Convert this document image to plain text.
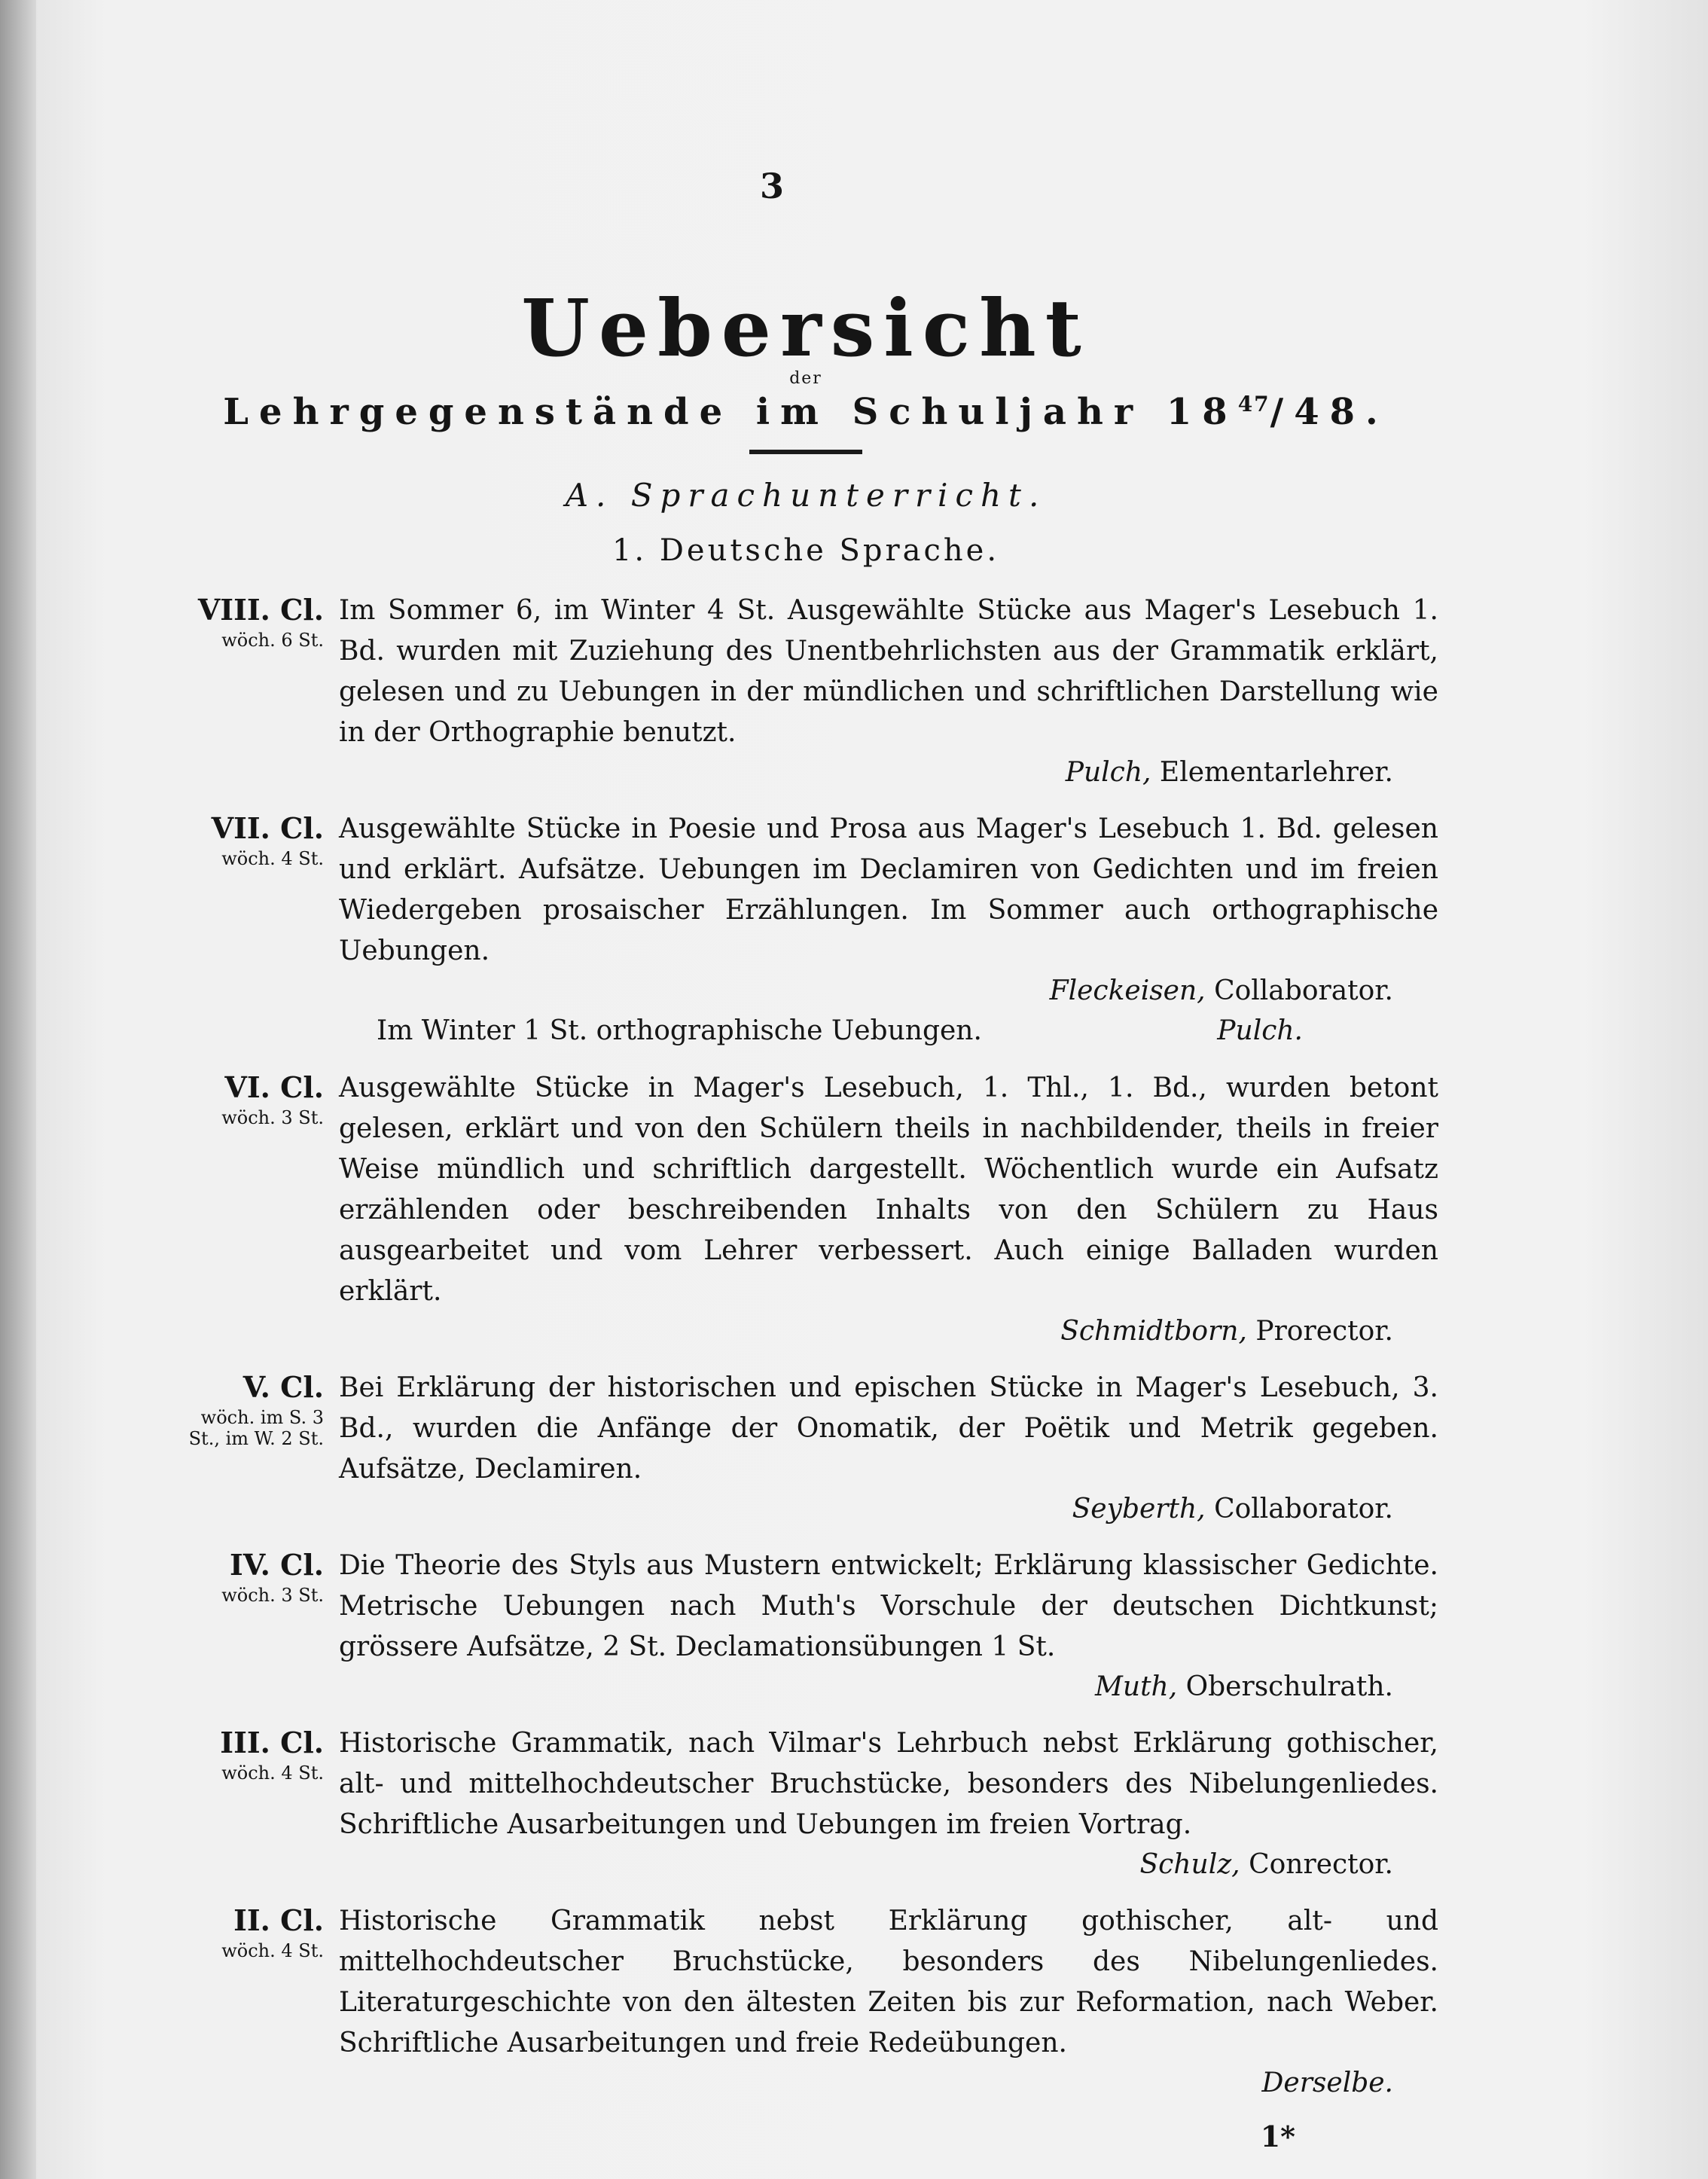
3
Uebersicht
der
Lehrgegenstände im Schuljahr $18^{47}/48$.
A. Sprachunterricht.
1. Deutsche Sprache.
VIII. Cl.
wöch. 6 St.
Im Sommer 6, im Winter 4 St. Ausgewählte Stücke aus Mager's Lesebuch 1. Bd. wurden mit Zuziehung des Unentbehrlichsten aus der Grammatik erklärt, gelesen und zu Uebungen in der mündlichen und schriftlichen Darstellung wie in der Orthographie benutzt.
Pulch, Elementarlehrer.
VII. Cl.
wöch. 4 St.
Ausgewählte Stücke in Poesie und Prosa aus Mager's Lesebuch 1. Bd. gelesen und erklärt. Aufsätze. Uebungen im Declamiren von Gedichten und im freien Wiedergeben prosaischer Erzählungen. Im Sommer auch orthographische Uebungen.
Fleckeisen, Collaborator.
Im Winter 1 St. orthographische Uebungen.	Pulch.
VI. Cl.
wöch. 3 St.
Ausgewählte Stücke in Mager's Lesebuch, 1. Thl., 1. Bd., wurden betont gelesen, erklärt und von den Schülern theils in nachbildender, theils in freier Weise mündlich und schriftlich dargestellt. Wöchentlich wurde ein Aufsatz erzählenden oder beschreibenden Inhalts von den Schülern zu Haus ausgearbeitet und vom Lehrer verbessert. Auch einige Balladen wurden erklärt.
Schmidtborn, Prorector.
V. Cl.
wöch. im S. 3 St., im W. 2 St.
Bei Erklärung der historischen und epischen Stücke in Mager's Lesebuch, 3. Bd., wurden die Anfänge der Onomatik, der Poëtik und Metrik gegeben. Aufsätze, Declamiren.
Seyberth, Collaborator.
IV. Cl.
wöch. 3 St.
Die Theorie des Styls aus Mustern entwickelt; Erklärung klassischer Gedichte. Metrische Uebungen nach Muth's Vorschule der deutschen Dichtkunst; grössere Aufsätze, 2 St. Declamationsübungen 1 St.
Muth, Oberschulrath.
III. Cl.
wöch. 4 St.
Historische Grammatik, nach Vilmar's Lehrbuch nebst Erklärung gothischer, alt- und mittelhochdeutscher Bruchstücke, besonders des Nibelungenliedes. Schriftliche Ausarbeitungen und Uebungen im freien Vortrag.
Schulz, Conrector.
II. Cl.
wöch. 4 St.
Historische Grammatik nebst Erklärung gothischer, alt- und mittelhochdeutscher Bruchstücke, besonders des Nibelungenliedes. Literaturgeschichte von den ältesten Zeiten bis zur Reformation, nach Weber. Schriftliche Ausarbeitungen und freie Redeübungen.
Derselbe.
1*
